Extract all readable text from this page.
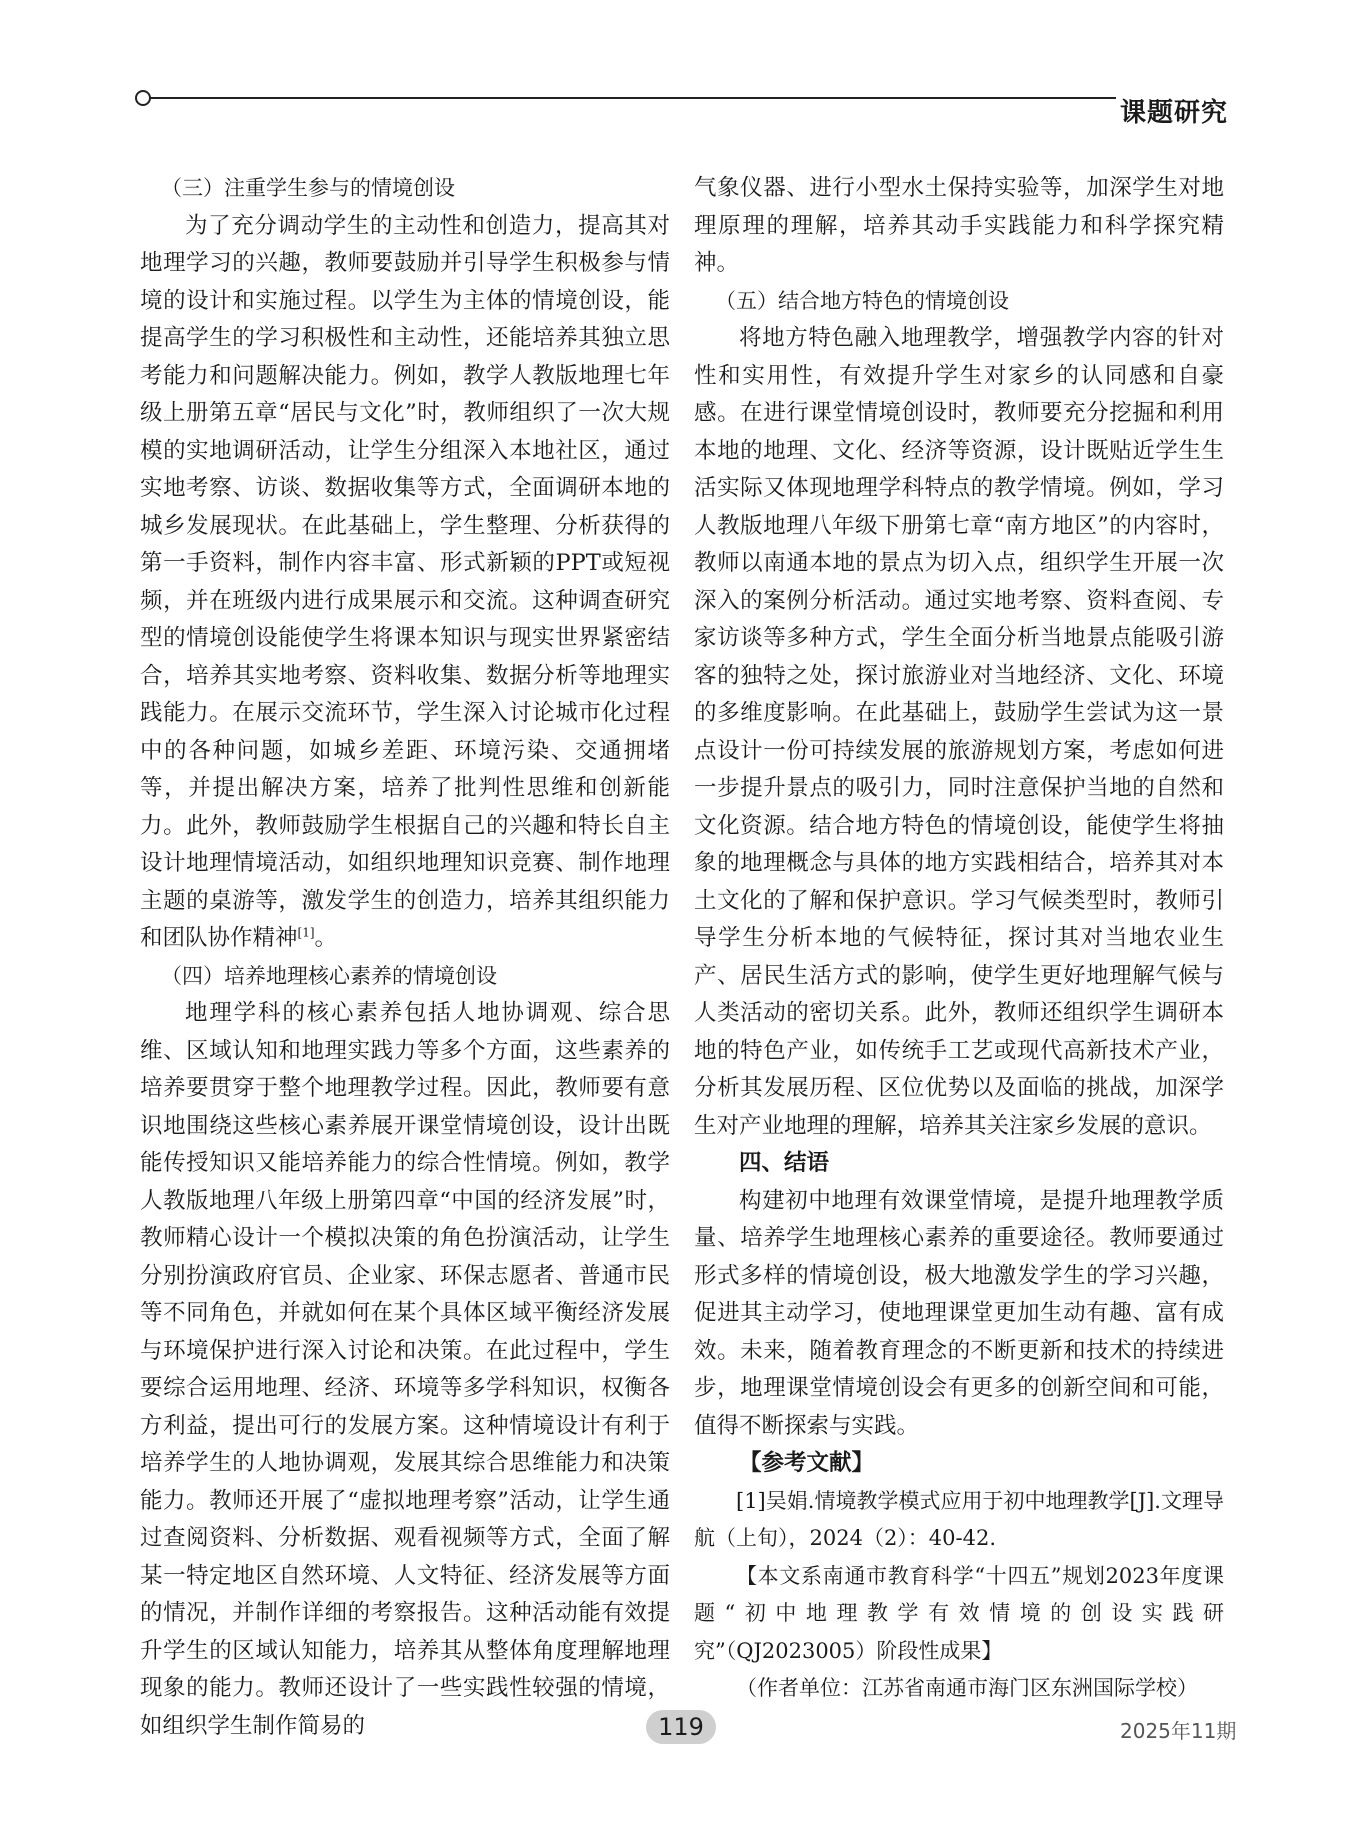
课题研究

（三）注重学生参与的情境创设

为了充分调动学生的主动性和创造力，提高其对地理学习的兴趣，教师要鼓励并引导学生积极参与情境的设计和实施过程。以学生为主体的情境创设，能提高学生的学习积极性和主动性，还能培养其独立思考能力和问题解决能力。例如，教学人教版地理七年级上册第五章“居民与文化”时，教师组织了一次大规模的实地调研活动，让学生分组深入本地社区，通过实地考察、访谈、数据收集等方式，全面调研本地的城乡发展现状。在此基础上，学生整理、分析获得的第一手资料，制作内容丰富、形式新颖的PPT或短视频，并在班级内进行成果展示和交流。这种调查研究型的情境创设能使学生将课本知识与现实世界紧密结合，培养其实地考察、资料收集、数据分析等地理实践能力。在展示交流环节，学生深入讨论城市化过程中的各种问题，如城乡差距、环境污染、交通拥堵等，并提出解决方案，培养了批判性思维和创新能力。此外，教师鼓励学生根据自己的兴趣和特长自主设计地理情境活动，如组织地理知识竞赛、制作地理主题的桌游等，激发学生的创造力，培养其组织能力和团队协作精神[1]。

（四）培养地理核心素养的情境创设

地理学科的核心素养包括人地协调观、综合思维、区域认知和地理实践力等多个方面，这些素养的培养要贯穿于整个地理教学过程。因此，教师要有意识地围绕这些核心素养展开课堂情境创设，设计出既能传授知识又能培养能力的综合性情境。例如，教学人教版地理八年级上册第四章“中国的经济发展”时，教师精心设计一个模拟决策的角色扮演活动，让学生分别扮演政府官员、企业家、环保志愿者、普通市民等不同角色，并就如何在某个具体区域平衡经济发展与环境保护进行深入讨论和决策。在此过程中，学生要综合运用地理、经济、环境等多学科知识，权衡各方利益，提出可行的发展方案。这种情境设计有利于培养学生的人地协调观，发展其综合思维能力和决策能力。教师还开展了“虚拟地理考察”活动，让学生通过查阅资料、分析数据、观看视频等方式，全面了解某一特定地区自然环境、人文特征、经济发展等方面的情况，并制作详细的考察报告。这种活动能有效提升学生的区域认知能力，培养其从整体角度理解地理现象的能力。教师还设计了一些实践性较强的情境，如组织学生制作简易的

气象仪器、进行小型水土保持实验等，加深学生对地理原理的理解，培养其动手实践能力和科学探究精神。

（五）结合地方特色的情境创设

将地方特色融入地理教学，增强教学内容的针对性和实用性，有效提升学生对家乡的认同感和自豪感。在进行课堂情境创设时，教师要充分挖掘和利用本地的地理、文化、经济等资源，设计既贴近学生生活实际又体现地理学科特点的教学情境。例如，学习人教版地理八年级下册第七章“南方地区”的内容时，教师以南通本地的景点为切入点，组织学生开展一次深入的案例分析活动。通过实地考察、资料查阅、专家访谈等多种方式，学生全面分析当地景点能吸引游客的独特之处，探讨旅游业对当地经济、文化、环境的多维度影响。在此基础上，鼓励学生尝试为这一景点设计一份可持续发展的旅游规划方案，考虑如何进一步提升景点的吸引力，同时注意保护当地的自然和文化资源。结合地方特色的情境创设，能使学生将抽象的地理概念与具体的地方实践相结合，培养其对本土文化的了解和保护意识。学习气候类型时，教师引导学生分析本地的气候特征，探讨其对当地农业生产、居民生活方式的影响，使学生更好地理解气候与人类活动的密切关系。此外，教师还组织学生调研本地的特色产业，如传统手工艺或现代高新技术产业，分析其发展历程、区位优势以及面临的挑战，加深学生对产业地理的理解，培养其关注家乡发展的意识。

四、结语

构建初中地理有效课堂情境，是提升地理教学质量、培养学生地理核心素养的重要途径。教师要通过形式多样的情境创设，极大地激发学生的学习兴趣，促进其主动学习，使地理课堂更加生动有趣、富有成效。未来，随着教育理念的不断更新和技术的持续进步，地理课堂情境创设会有更多的创新空间和可能，值得不断探索与实践。

【参考文献】

[1]吴娟.情境教学模式应用于初中地理教学[J].文理导航（上旬），2024（2）：40-42.

【本文系南通市教育科学“十四五”规划2023年度课题“初中地理教学有效情境的创设实践研究”（QJ2023005）阶段性成果】

（作者单位：江苏省南通市海门区东洲国际学校）

119	2025年11期
